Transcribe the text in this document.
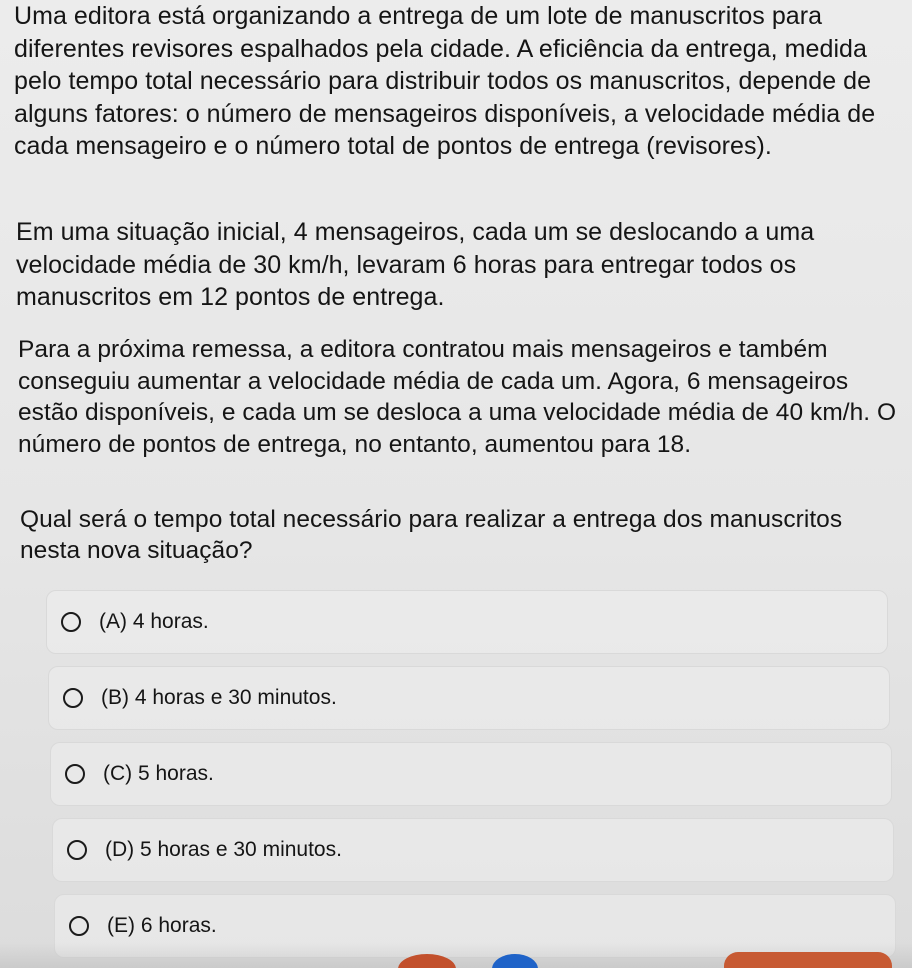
Uma editora está organizando a entrega de um lote de manuscritos para diferentes revisores espalhados pela cidade. A eficiência da entrega, medida pelo tempo total necessário para distribuir todos os manuscritos, depende de alguns fatores: o número de mensageiros disponíveis, a velocidade média de cada mensageiro e o número total de pontos de entrega (revisores).

Em uma situação inicial, 4 mensageiros, cada um se deslocando a uma velocidade média de 30 km/h, levaram 6 horas para entregar todos os manuscritos em 12 pontos de entrega.

Para a próxima remessa, a editora contratou mais mensageiros e também conseguiu aumentar a velocidade média de cada um. Agora, 6 mensageiros estão disponíveis, e cada um se desloca a uma velocidade média de 40 km/h. O número de pontos de entrega, no entanto, aumentou para 18.

Qual será o tempo total necessário para realizar a entrega dos manuscritos nesta nova situação?

(A) 4 horas.
(B) 4 horas e 30 minutos.
(C) 5 horas.
(D) 5 horas e 30 minutos.
(E) 6 horas.
